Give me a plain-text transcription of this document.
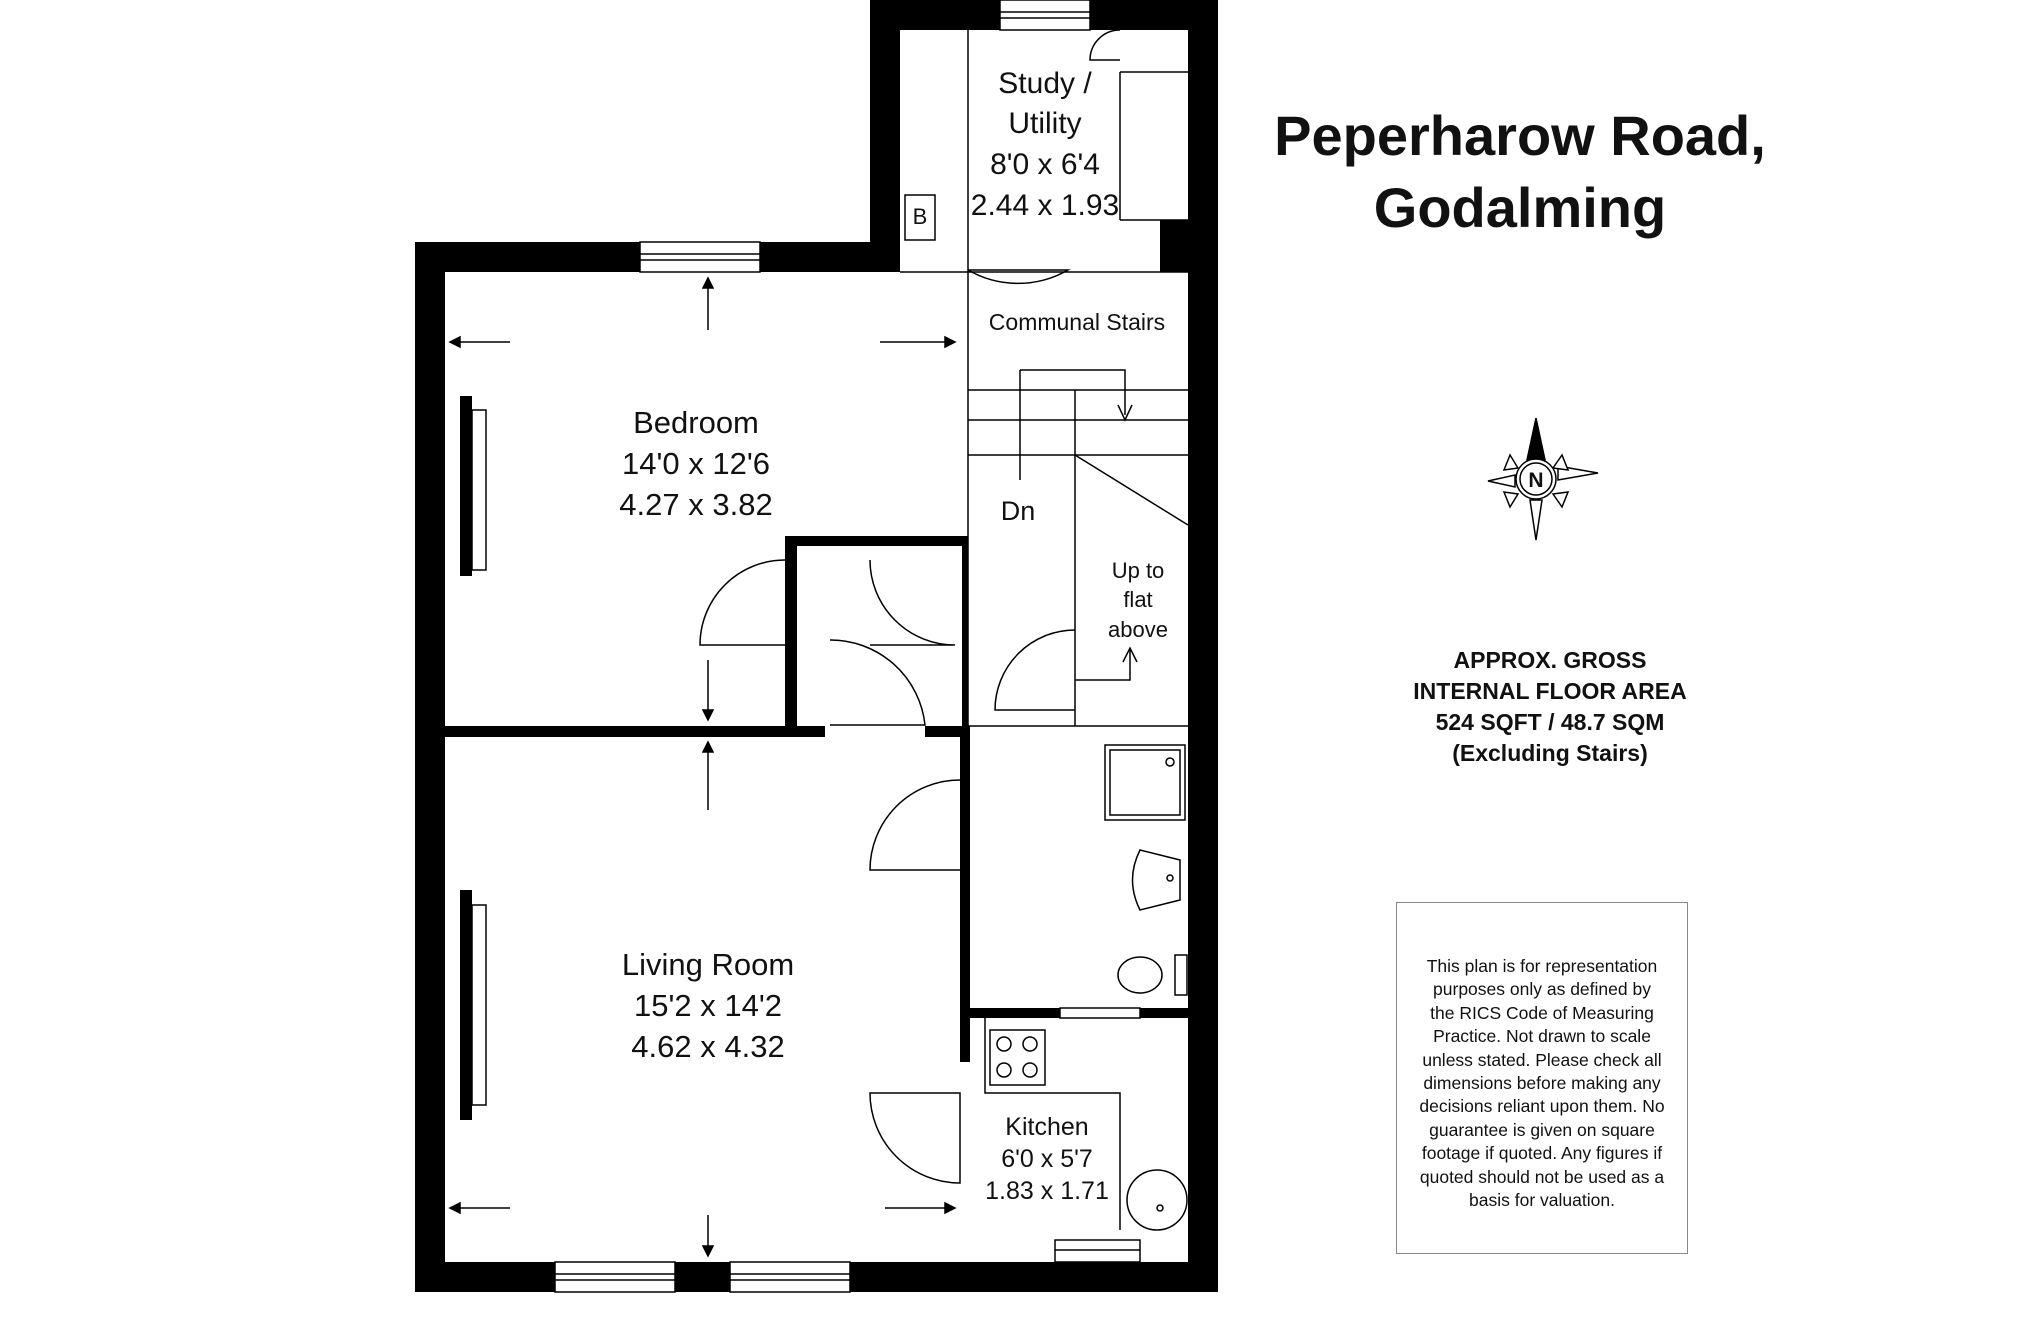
N
Study /
Utility
8'0 x 6'4
2.44 x 1.93
B
Communal Stairs
Dn
Up to
flat
above
Bedroom
14'0 x 12'6
4.27 x 3.82
Living Room
15'2 x 14'2
4.62 x 4.32
Kitchen
6'0 x 5'7
1.83 x 1.71
Peperharow Road,
Godalming
APPROX. GROSS
INTERNAL FLOOR AREA
524 SQFT / 48.7 SQM
(Excluding Stairs)
This plan is for representation purposes only as defined by the RICS Code of Measuring Practice. Not drawn to scale unless stated. Please check all dimensions before making any decisions reliant upon them. No guarantee is given on square footage if quoted. Any figures if quoted should not be used as a basis for valuation.
